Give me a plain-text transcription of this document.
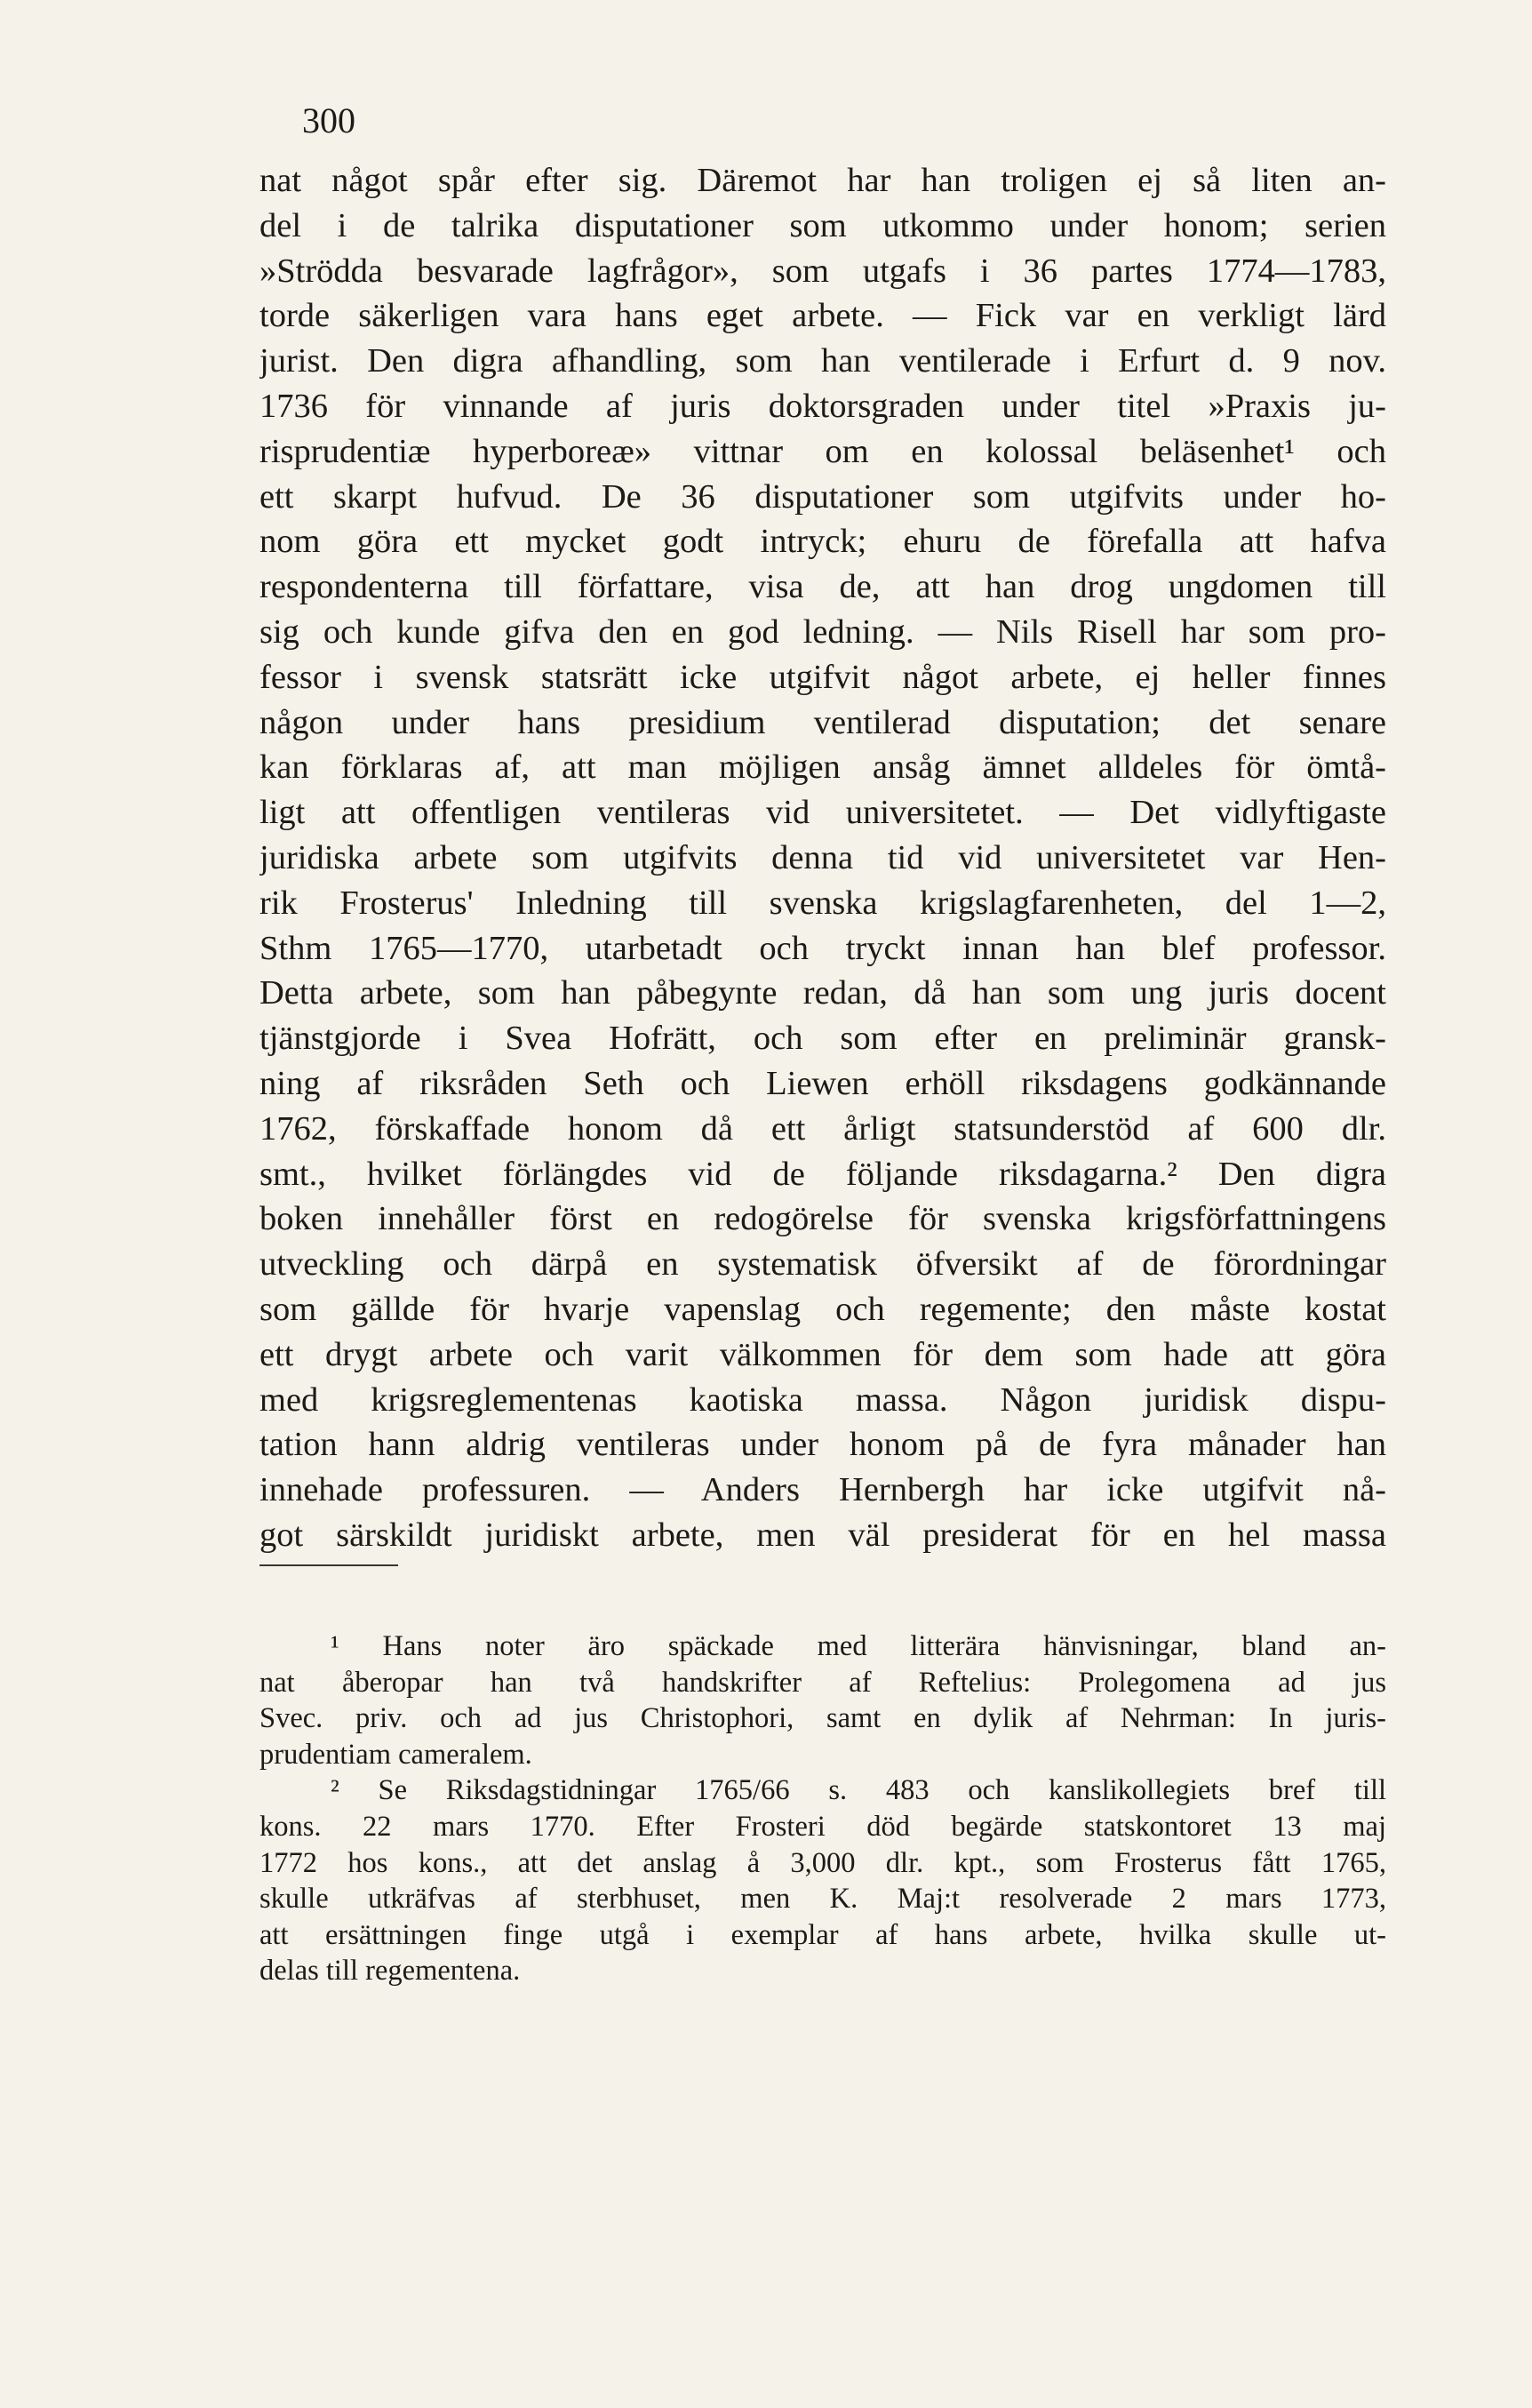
300
nat något spår efter sig. Däremot har han troligen ej så liten an-
del i de talrika disputationer som utkommo under honom; serien
»Strödda besvarade lagfrågor», som utgafs i 36 partes 1774—1783,
torde säkerligen vara hans eget arbete. — Fick var en verkligt lärd
jurist. Den digra afhandling, som han ventilerade i Erfurt d. 9 nov.
1736 för vinnande af juris doktorsgraden under titel »Praxis ju-
risprudentiæ hyperboreæ» vittnar om en kolossal beläsenhet¹ och
ett skarpt hufvud. De 36 disputationer som utgifvits under ho-
nom göra ett mycket godt intryck; ehuru de förefalla att hafva
respondenterna till författare, visa de, att han drog ungdomen till
sig och kunde gifva den en god ledning. — Nils Risell har som pro-
fessor i svensk statsrätt icke utgifvit något arbete, ej heller finnes
någon under hans presidium ventilerad disputation; det senare
kan förklaras af, att man möjligen ansåg ämnet alldeles för ömtå-
ligt att offentligen ventileras vid universitetet. — Det vidlyftigaste
juridiska arbete som utgifvits denna tid vid universitetet var Hen-
rik Frosterus' Inledning till svenska krigslagfarenheten, del 1—2,
Sthm 1765—1770, utarbetadt och tryckt innan han blef professor.
Detta arbete, som han påbegynte redan, då han som ung juris docent
tjänstgjorde i Svea Hofrätt, och som efter en preliminär gransk-
ning af riksråden Seth och Liewen erhöll riksdagens godkännande
1762, förskaffade honom då ett årligt statsunderstöd af 600 dlr.
smt., hvilket förlängdes vid de följande riksdagarna.² Den digra
boken innehåller först en redogörelse för svenska krigsförfattningens
utveckling och därpå en systematisk öfversikt af de förordningar
som gällde för hvarje vapenslag och regemente; den måste kostat
ett drygt arbete och varit välkommen för dem som hade att göra
med krigsreglementenas kaotiska massa. Någon juridisk dispu-
tation hann aldrig ventileras under honom på de fyra månader han
innehade professuren. — Anders Hernbergh har icke utgifvit nå-
got särskildt juridiskt arbete, men väl presiderat för en hel massa
¹ Hans noter äro späckade med litterära hänvisningar, bland an-
nat åberopar han två handskrifter af Reftelius: Prolegomena ad jus
Svec. priv. och ad jus Christophori, samt en dylik af Nehrman: In juris-
prudentiam cameralem.
² Se Riksdagstidningar 1765/66 s. 483 och kanslikollegiets bref till
kons. 22 mars 1770. Efter Frosteri död begärde statskontoret 13 maj
1772 hos kons., att det anslag å 3,000 dlr. kpt., som Frosterus fått 1765,
skulle utkräfvas af sterbhuset, men K. Maj:t resolverade 2 mars 1773,
att ersättningen finge utgå i exemplar af hans arbete, hvilka skulle ut-
delas till regementena.
